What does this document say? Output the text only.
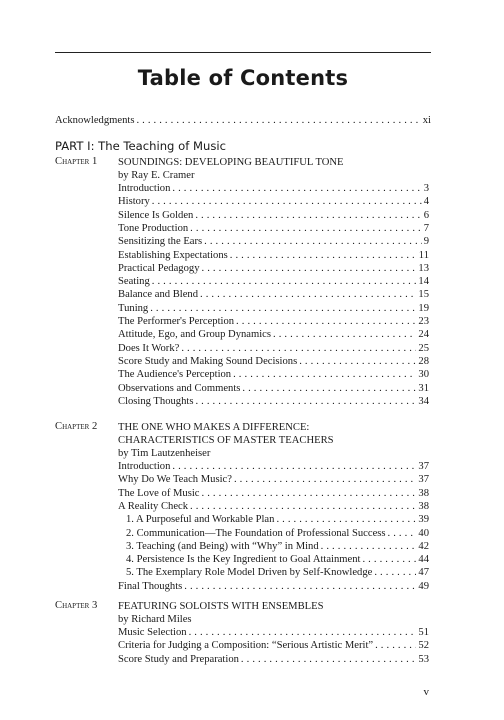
Table of Contents
Acknowledgments . . .	xi
PART I: The Teaching of Music
Chapter 1 SOUNDINGS: DEVELOPING BEAUTIFUL TONE
by Ray E. Cramer
Introduction . . .	3
History . . .	4
Silence Is Golden . . .	6
Tone Production . . .	7
Sensitizing the Ears . . .	9
Establishing Expectations . . .	11
Practical Pedagogy . . .	13
Seating . . .	14
Balance and Blend . . .	15
Tuning . . .	19
The Performer's Perception . . .	23
Attitude, Ego, and Group Dynamics . . .	24
Does It Work? . . .	25
Score Study and Making Sound Decisions . . .	28
The Audience's Perception . . .	30
Observations and Comments . . .	31
Closing Thoughts . . .	34
Chapter 2 THE ONE WHO MAKES A DIFFERENCE:
CHARACTERISTICS OF MASTER TEACHERS
by Tim Lautzenheiser
Introduction . . .	37
Why Do We Teach Music? . . .	37
The Love of Music . . .	38
A Reality Check . . .	38
1. A Purposeful and Workable Plan . . .	39
2. Communication—The Foundation of Professional Success . . .	40
3. Teaching (and Being) with “Why” in Mind . . .	42
4. Persistence Is the Key Ingredient to Goal Attainment . . .	44
5. The Exemplary Role Model Driven by Self-Knowledge . . .	47
Final Thoughts . . .	49
Chapter 3 FEATURING SOLOISTS WITH ENSEMBLES
by Richard Miles
Music Selection . . .	51
Criteria for Judging a Composition: “Serious Artistic Merit” . . .	52
Score Study and Preparation . . .	53
v
